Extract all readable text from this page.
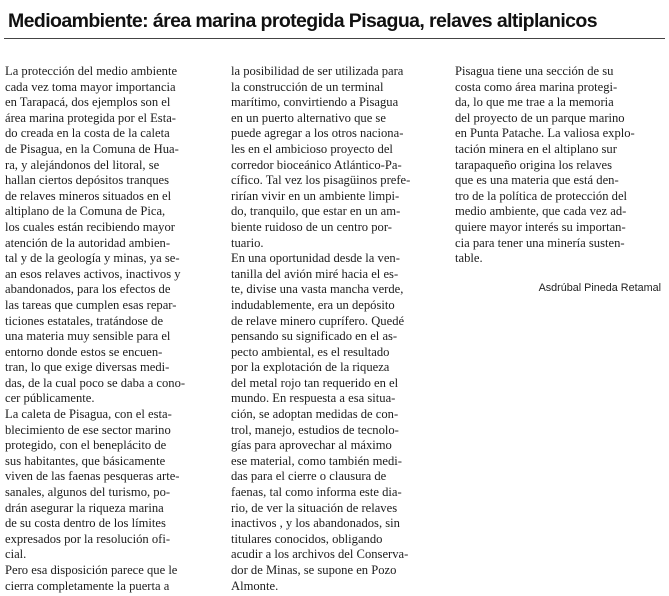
Medioambiente: área marina protegida Pisagua, relaves altiplanicos

La protección del medio ambiente

cada vez toma mayor importancia

en Tarapacá, dos ejemplos son el

área marina protegida por el Esta-

do creada en la costa de la caleta

de Pisagua, en la Comuna de Hua-

ra, y alejándonos del litoral, se

hallan ciertos depósitos tranques

de relaves mineros situados en el

altiplano de la Comuna de Pica,

los cuales están recibiendo mayor

atención de la autoridad ambien-

tal y de la geología y minas, ya se-

an esos relaves activos, inactivos y

abandonados, para los efectos de

las tareas que cumplen esas repar-

ticiones estatales, tratándose de

una materia muy sensible para el

entorno donde estos se encuen-

tran, lo que exige diversas medi-

das, de la cual poco se daba a cono-

cer públicamente.

La caleta de Pisagua, con el esta-

blecimiento de ese sector marino

protegido, con el beneplácito de

sus habitantes, que básicamente

viven de las faenas pesqueras arte-

sanales, algunos del turismo, po-

drán asegurar la riqueza marina

de su costa dentro de los límites

expresados por la resolución ofi-

cial.

Pero esa disposición parece que le

cierra completamente la puerta a

la posibilidad de ser utilizada para

la construcción de un terminal

marítimo, convirtiendo a Pisagua

en un puerto alternativo que se

puede agregar a los otros naciona-

les en el ambicioso proyecto del

corredor bioceánico Atlántico-Pa-

cífico. Tal vez los pisagüinos prefe-

rirían vivir en un ambiente limpi-

do, tranquilo, que estar en un am-

biente ruidoso de un centro por-

tuario.

En una oportunidad desde la ven-

tanilla del avión miré hacia el es-

te, divise una vasta mancha verde,

indudablemente, era un depósito

de relave minero cuprífero. Quedé

pensando su significado en el as-

pecto ambiental, es el resultado

por la explotación de la riqueza

del metal rojo tan requerido en el

mundo. En respuesta a esa situa-

ción, se adoptan medidas de con-

trol, manejo, estudios de tecnolo-

gías para aprovechar al máximo

ese material, como también medi-

das para el cierre o clausura de

faenas, tal como informa este dia-

rio, de ver la situación de relaves

inactivos , y los abandonados, sin

titulares conocidos, obligando

acudir a los archivos del Conserva-

dor de Minas, se supone en Pozo

Almonte.

Pisagua tiene una sección de su

costa como área marina protegi-

da, lo que me trae a la memoria

del proyecto de un parque marino

en Punta Patache. La valiosa explo-

tación minera en el altiplano sur

tarapaqueño origina los relaves

que es una materia que está den-

tro de la política de protección del

medio ambiente, que cada vez ad-

quiere mayor interés su importan-

cia para tener una minería susten-

table.

Asdrúbal Pineda Retamal
